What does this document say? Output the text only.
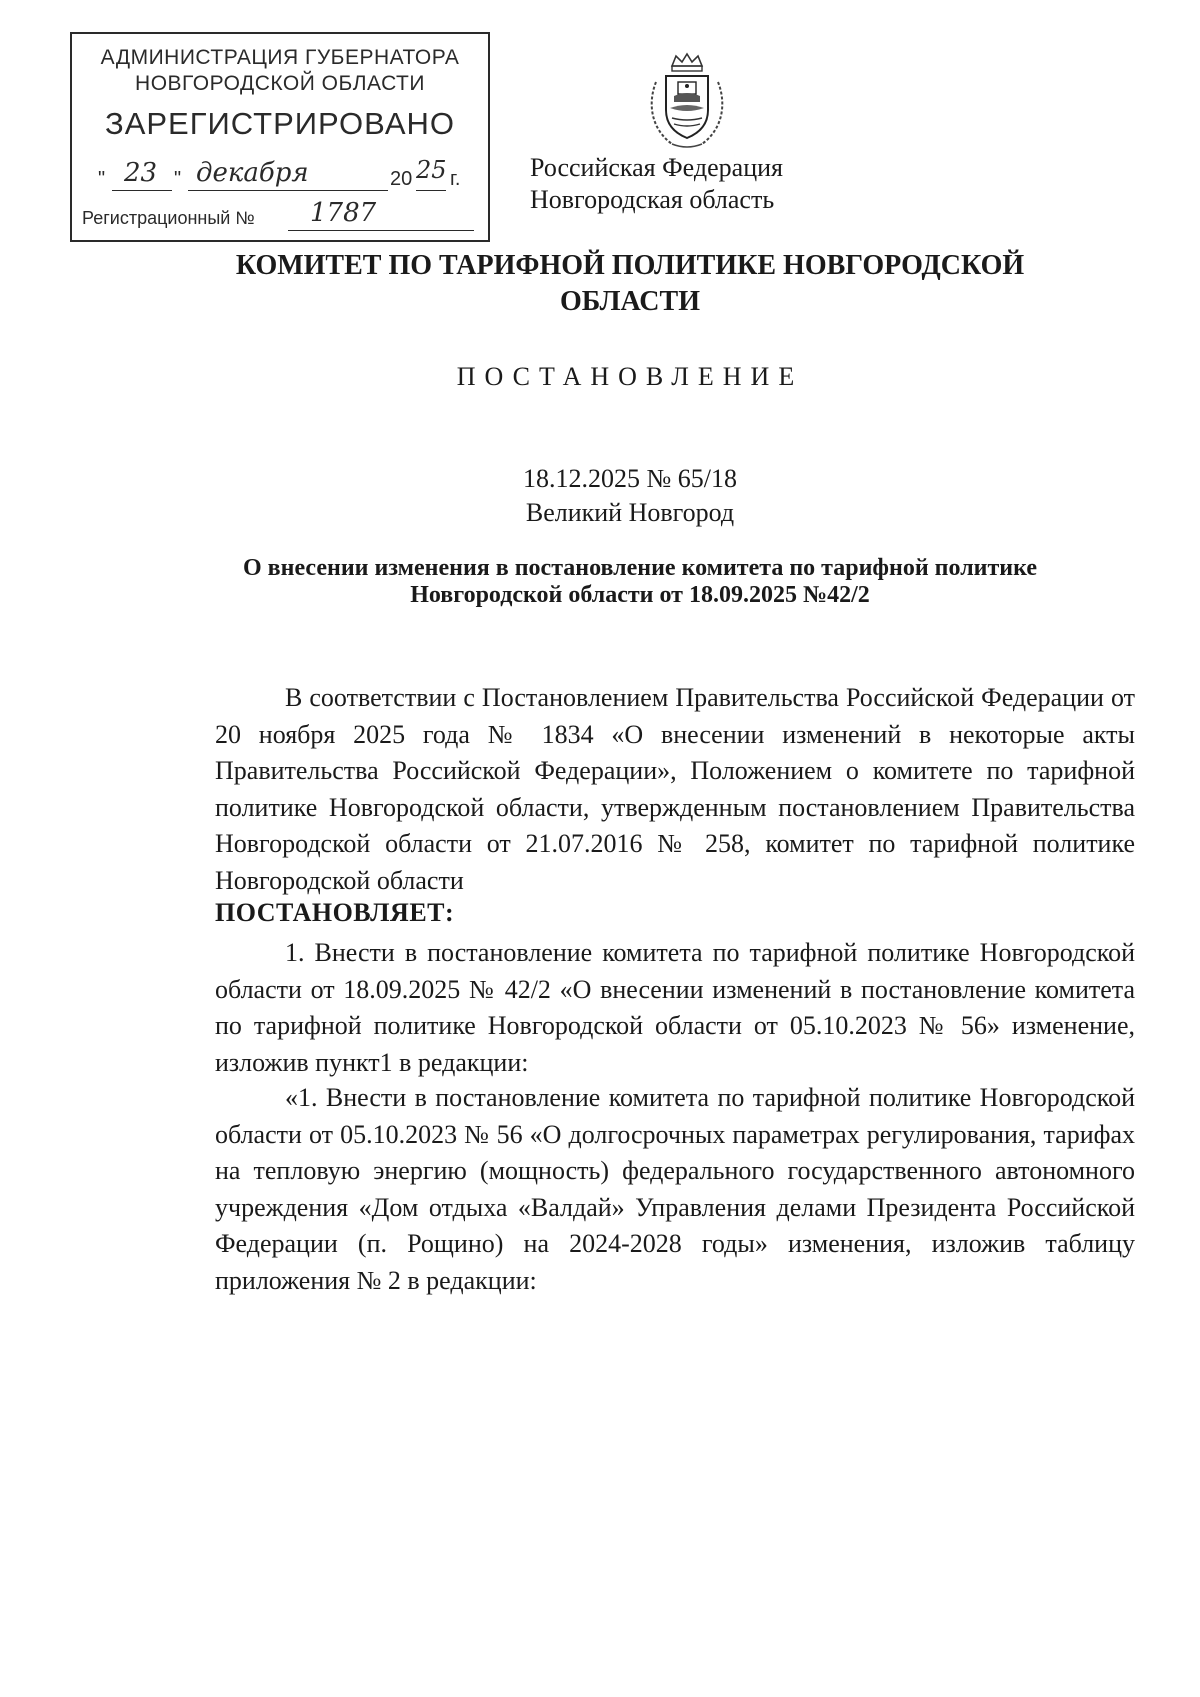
АДМИНИСТРАЦИЯ ГУБЕРНАТОРА
НОВГОРОДСКОЙ ОБЛАСТИ
ЗАРЕГИСТРИРОВАНО
" 23 " декабря	20 25 г.
Регистрационный № 1787
Российская Федерация
Новгородская область
КОМИТЕТ ПО ТАРИФНОЙ ПОЛИТИКЕ НОВГОРОДСКОЙ
ОБЛАСТИ
ПОСТАНОВЛЕНИЕ
18.12.2025 № 65/18
Великий Новгород
О внесении изменения в постановление комитета по тарифной политике
Новгородской области от 18.09.2025 №42/2
В соответствии с Постановлением Правительства Российской Федерации от 20 ноября 2025 года № 1834 «О внесении изменений в некоторые акты Правительства Российской Федерации», Положением о комитете по тарифной политике Новгородской области, утвержденным постановлением Правительства Новгородской области от 21.07.2016 № 258, комитет по тарифной политике Новгородской области
ПОСТАНОВЛЯЕТ:
1. Внести в постановление комитета по тарифной политике Новгородской области от 18.09.2025 № 42/2 «О внесении изменений в постановление комитета по тарифной политике Новгородской области от 05.10.2023 № 56» изменение, изложив пункт1 в редакции:
«1. Внести в постановление комитета по тарифной политике Новгородской области от 05.10.2023 № 56 «О долгосрочных параметрах регулирования, тарифах на тепловую энергию (мощность) федерального государственного автономного учреждения «Дом отдыха «Валдай» Управления делами Президента Российской Федерации (п. Рощино) на 2024-2028 годы» изменения, изложив таблицу приложения № 2 в редакции:
